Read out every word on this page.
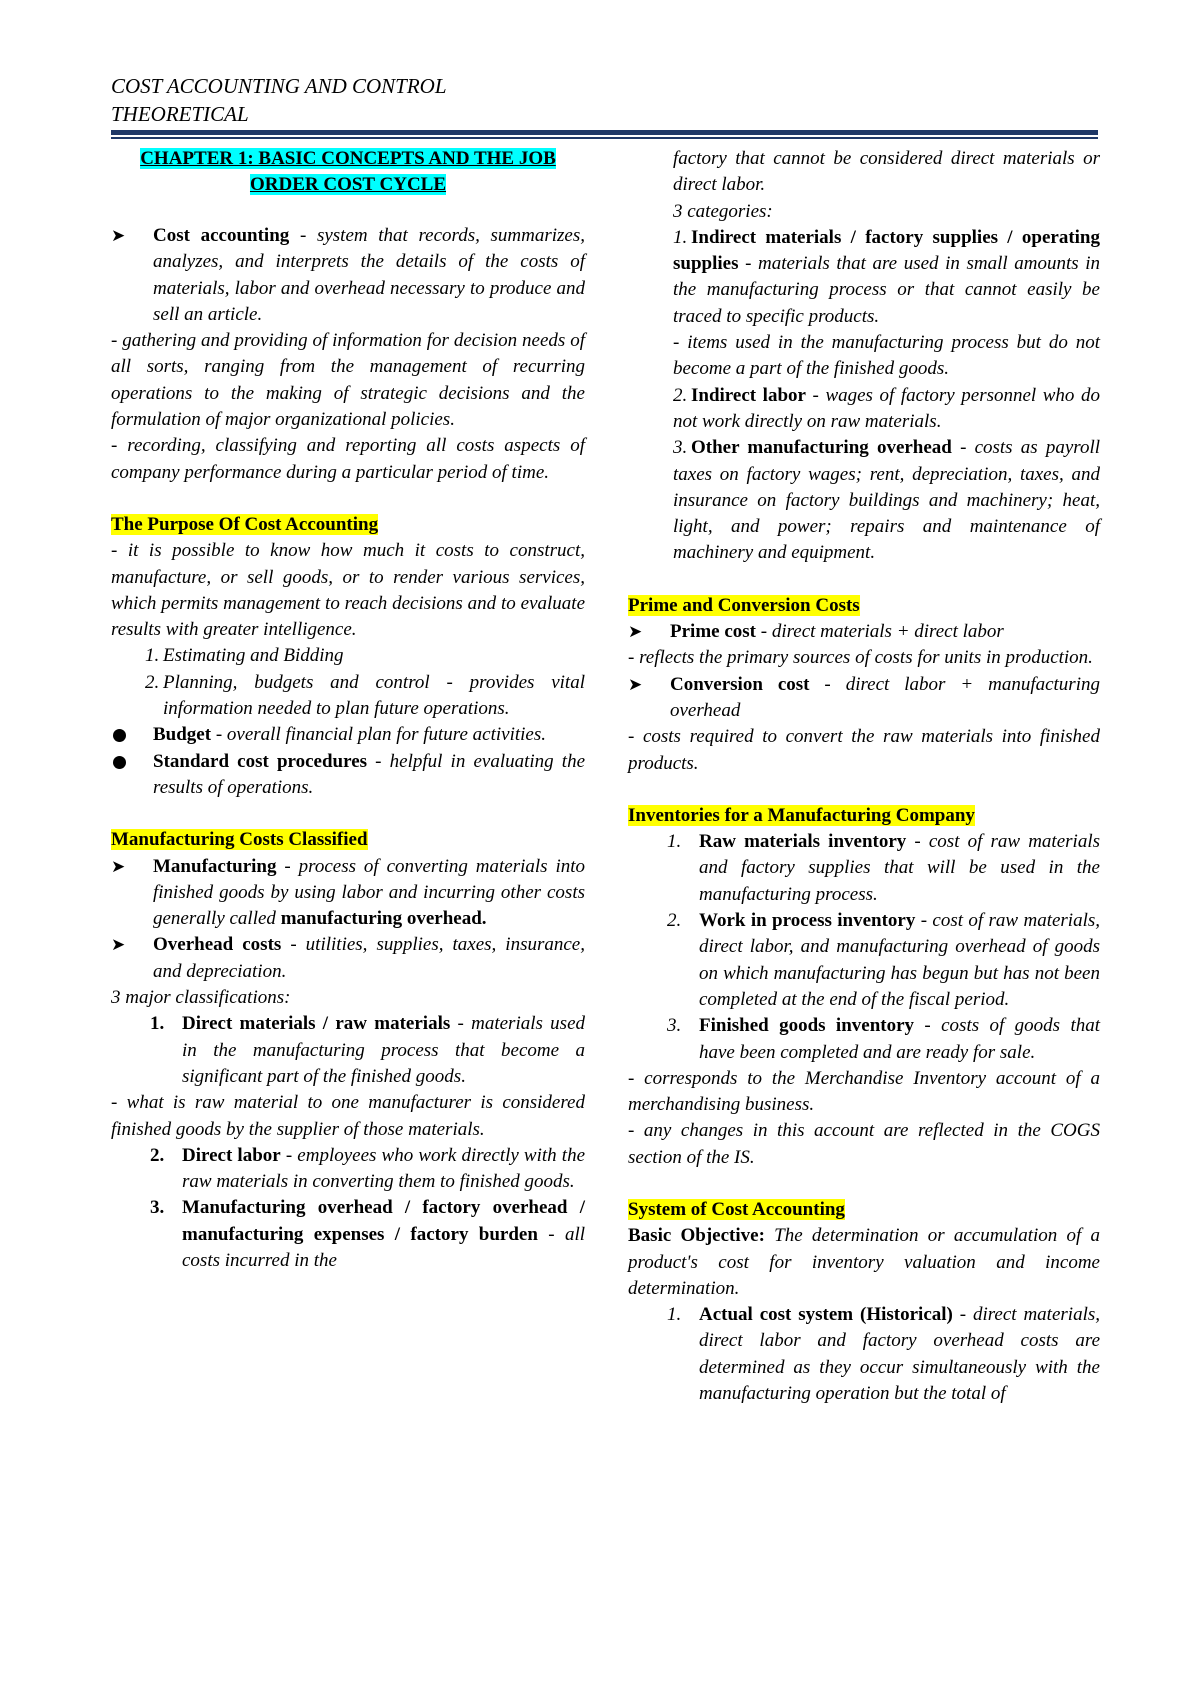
COST ACCOUNTING AND CONTROL
THEORETICAL
CHAPTER 1: BASIC CONCEPTS AND THE JOB ORDER COST CYCLE
➤	Cost accounting - system that records, summarizes, analyzes, and interprets the details of the costs of materials, labor and overhead necessary to produce and sell an article.
- gathering and providing of information for decision needs of all sorts, ranging from the management of recurring operations to the making of strategic decisions and the formulation of major organizational policies.
- recording, classifying and reporting all costs aspects of company performance during a particular period of time.
The Purpose Of Cost Accounting
- it is possible to know how much it costs to construct, manufacture, or sell goods, or to render various services, which permits management to reach decisions and to evaluate results with greater intelligence.
1. Estimating and Bidding
2. Planning, budgets and control - provides vital information needed to plan future operations.
Budget - overall financial plan for future activities.
Standard cost procedures - helpful in evaluating the results of operations.
Manufacturing Costs Classified
➤	Manufacturing - process of converting materials into finished goods by using labor and incurring other costs generally called manufacturing overhead.
➤	Overhead costs - utilities, supplies, taxes, insurance, and depreciation.
3 major classifications:
1. Direct materials / raw materials - materials used in the manufacturing process that become a significant part of the finished goods.
- what is raw material to one manufacturer is considered finished goods by the supplier of those materials.
2. Direct labor - employees who work directly with the raw materials in converting them to finished goods.
3. Manufacturing overhead / factory overhead / manufacturing expenses / factory burden - all costs incurred in the
factory that cannot be considered direct materials or direct labor.
3 categories:
1. Indirect materials / factory supplies / operating supplies - materials that are used in small amounts in the manufacturing process or that cannot easily be traced to specific products.
- items used in the manufacturing process but do not become a part of the finished goods.
2. Indirect labor - wages of factory personnel who do not work directly on raw materials.
3. Other manufacturing overhead - costs as payroll taxes on factory wages; rent, depreciation, taxes, and insurance on factory buildings and machinery; heat, light, and power; repairs and maintenance of machinery and equipment.
Prime and Conversion Costs
➤	Prime cost - direct materials + direct labor
- reflects the primary sources of costs for units in production.
➤	Conversion cost - direct labor + manufacturing overhead
- costs required to convert the raw materials into finished products.
Inventories for a Manufacturing Company
1. Raw materials inventory - cost of raw materials and factory supplies that will be used in the manufacturing process.
2. Work in process inventory - cost of raw materials, direct labor, and manufacturing overhead of goods on which manufacturing has begun but has not been completed at the end of the fiscal period.
3. Finished goods inventory - costs of goods that have been completed and are ready for sale.
- corresponds to the Merchandise Inventory account of a merchandising business.
- any changes in this account are reflected in the COGS section of the IS.
System of Cost Accounting
Basic Objective: The determination or accumulation of a product's cost for inventory valuation and income determination.
1. Actual cost system (Historical) - direct materials, direct labor and factory overhead costs are determined as they occur simultaneously with the manufacturing operation but the total of
